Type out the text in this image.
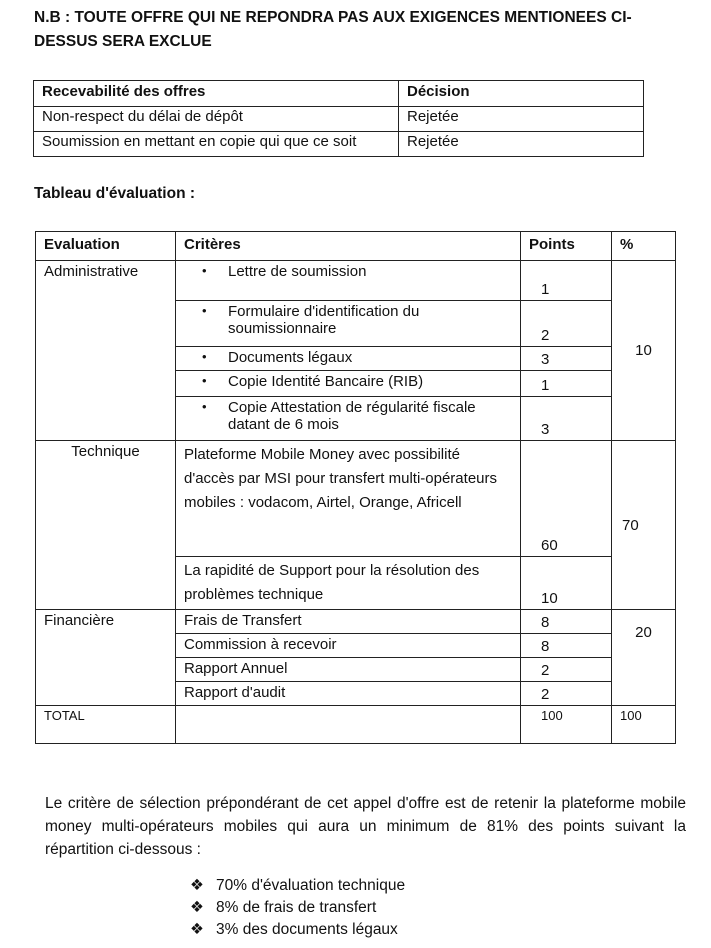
N.B : TOUTE OFFRE QUI NE REPONDRA PAS AUX EXIGENCES MENTIONEES CI-DESSUS SERA EXCLUE
Recevabilité des offres	Décision
Non-respect du délai de dépôt	Rejetée
Soumission en mettant en copie qui que ce soit	Rejetée
Tableau d'évaluation :
Evaluation	Critères	Points	%
Administrative	• Lettre de soumission	1	10

	• Formulaire d'identification du soumissionnaire	2	

	• Documents légaux	3	

	• Copie Identité Bancaire (RIB)	1	

	• Copie Attestation de régularité fiscale datant de 6 mois	3	
Technique	Plateforme Mobile Money avec possibilité d'accès par MSI pour transfert multi-opérateurs mobiles : vodacom, Airtel, Orange, Africell	60	70
	La rapidité de Support pour la résolution des problèmes technique	10	
Financière	Frais de Transfert	8	20
	Commission à recevoir	8	
	Rapport Annuel	2	
	Rapport d'audit	2	
TOTAL		100	100
Le critère de sélection prépondérant de cet appel d'offre est de retenir la plateforme mobile money multi-opérateurs mobiles qui aura un minimum de 81% des points suivant la répartition ci-dessous :
❖ 70% d'évaluation technique
❖ 8% de frais de transfert
❖ 3% des documents légaux
